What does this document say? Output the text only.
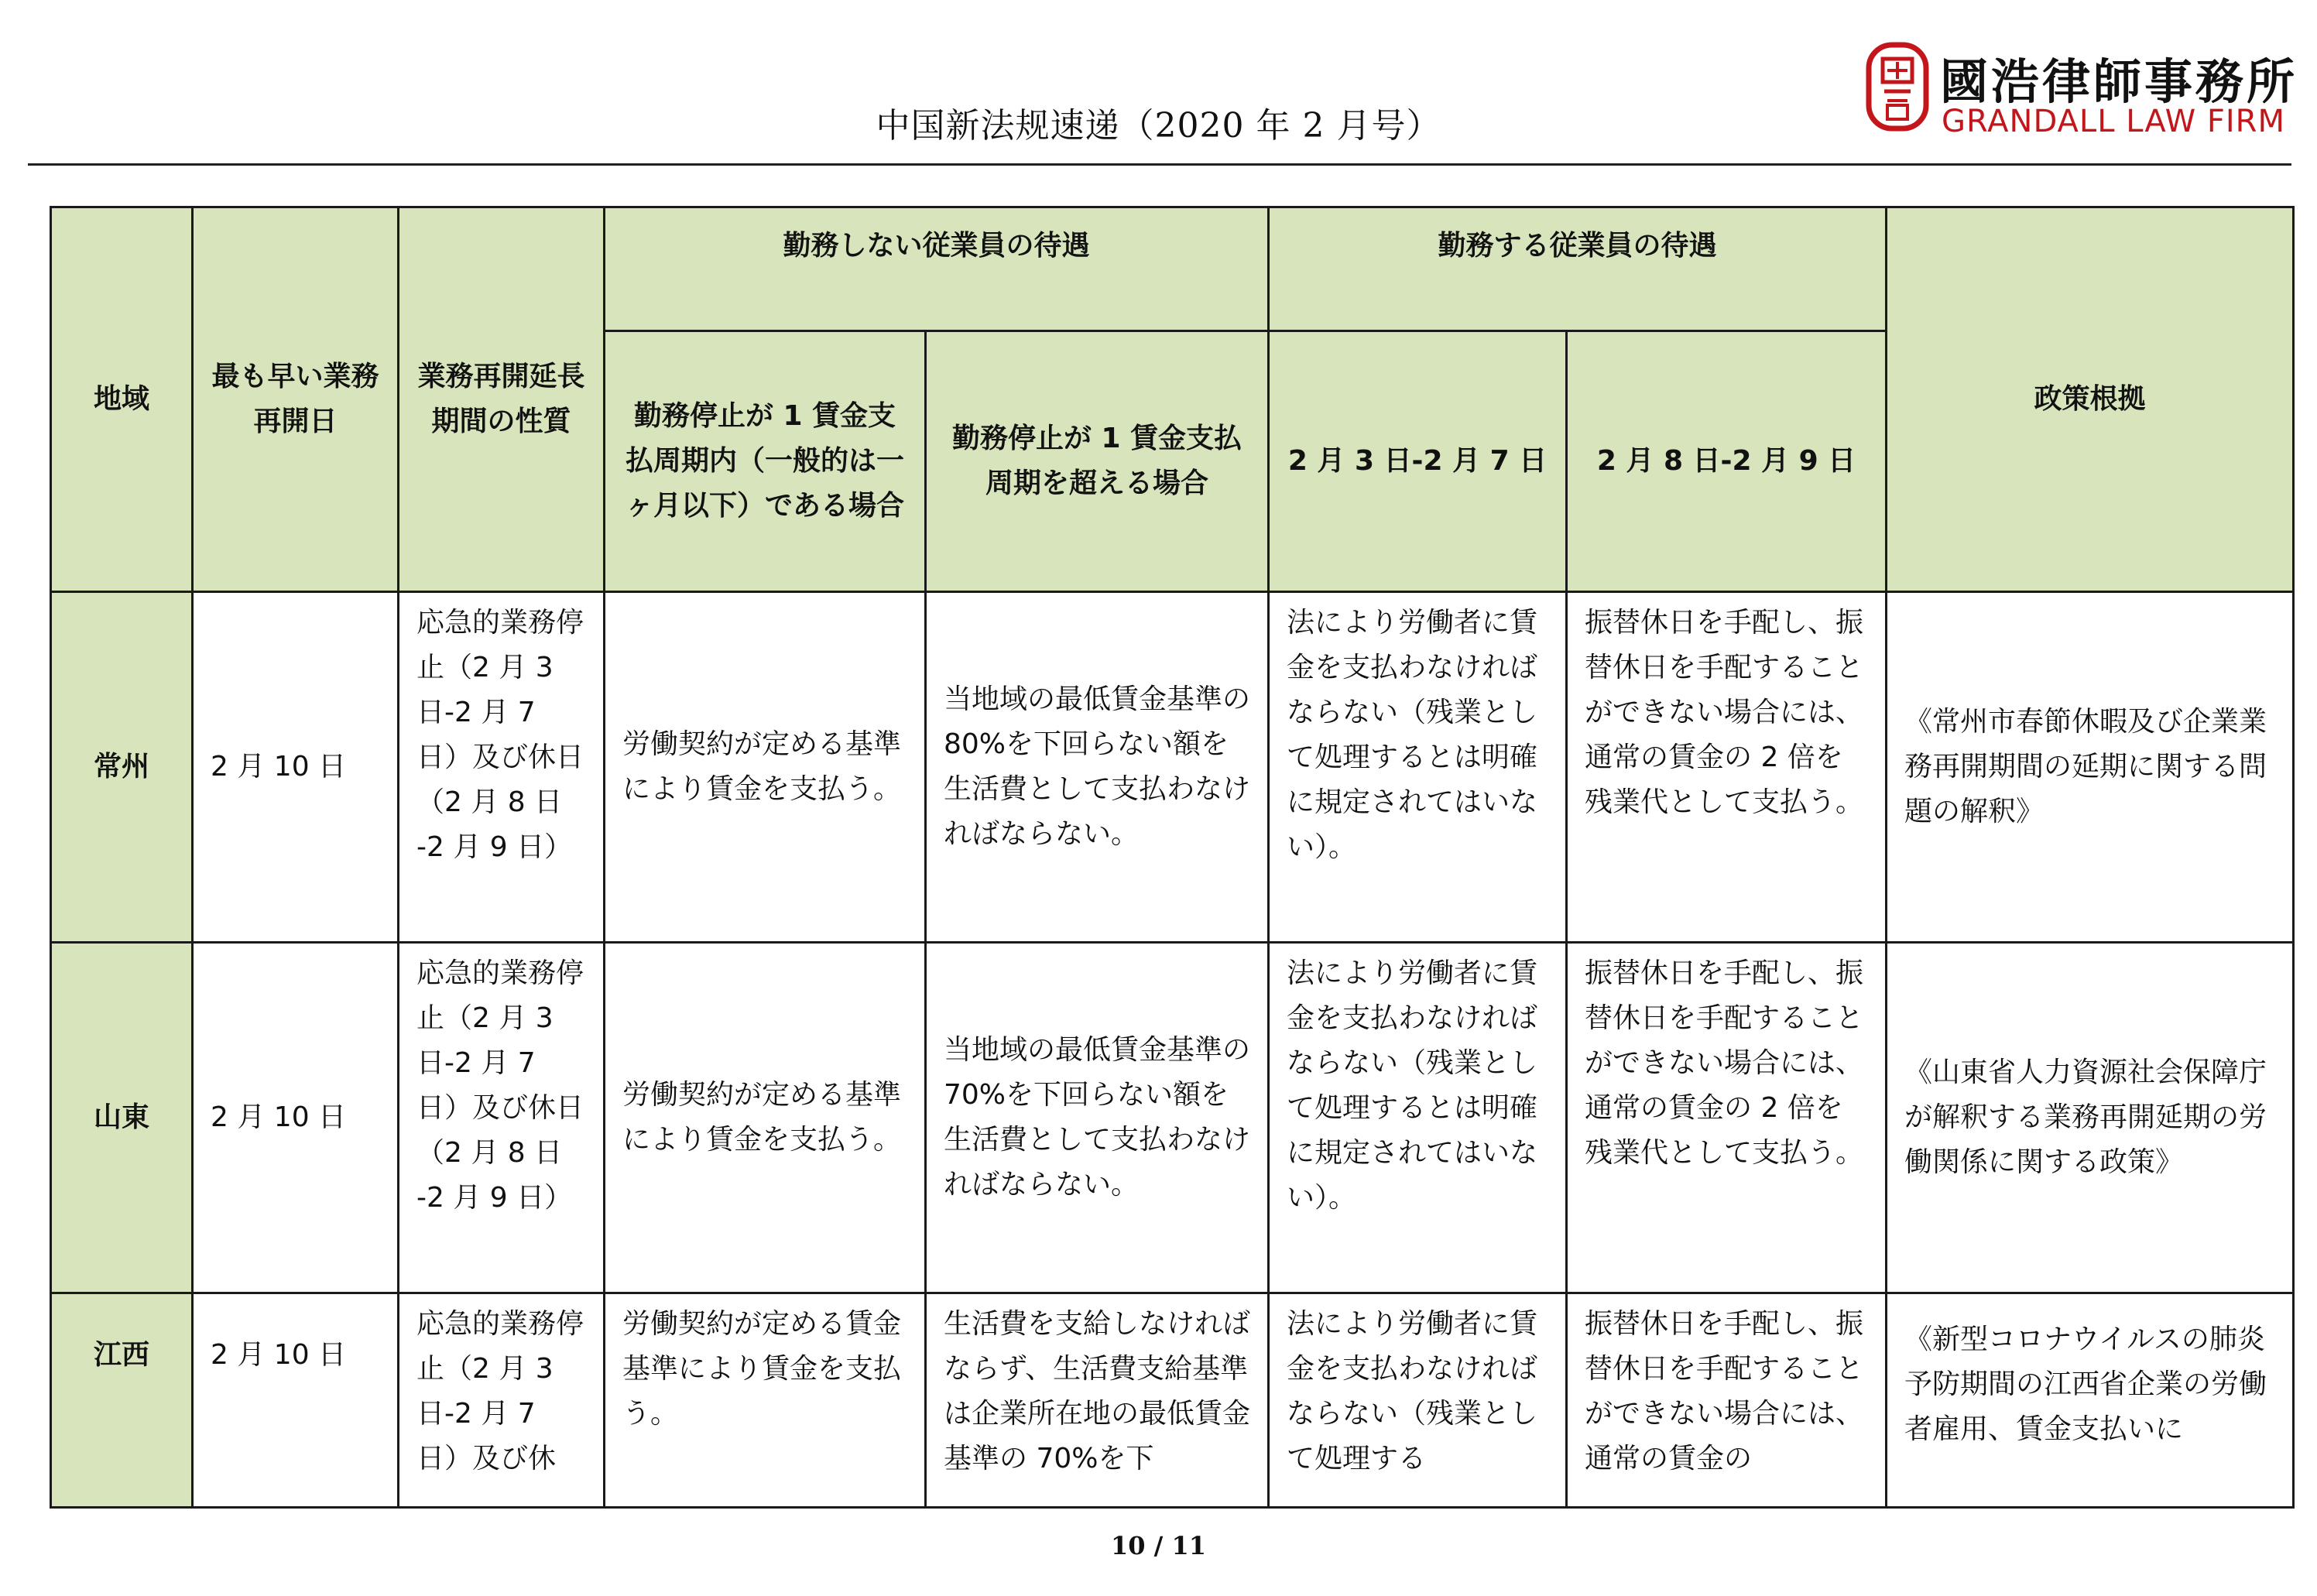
中国新法规速递（2020 年 2 月号）
國浩律師事務所
GRANDALL LAW FIRM
地域	最も早い業務再開日	業務再開延長期間の性質	勤務しない従業員の待遇		勤務する従業員の待遇		政策根拠
			勤務停止が 1 賃金支払周期内（一般的は一ヶ月以下）である場合	勤務停止が 1 賃金支払周期を超える場合	2 月 3 日-2 月 7 日	2 月 8 日-2 月 9 日	
常州	2 月 10 日	応急的業務停止（2 月 3 日-2 月 7 日）及び休日（2 月 8 日 -2 月 9 日）	労働契約が定める基準により賃金を支払う。	当地域の最低賃金基準の 80%を下回らない額を生活費として支払わなければならない。	法により労働者に賃金を支払わなければならない（残業として処理するとは明確に規定されてはいない）。	振替休日を手配し、振替休日を手配することができない場合には、通常の賃金の 2 倍を残業代として支払う。	《常州市春節休暇及び企業業務再開期間の延期に関する問題の解釈》
山東	2 月 10 日	応急的業務停止（2 月 3 日-2 月 7 日）及び休日（2 月 8 日 -2 月 9 日）	労働契約が定める基準により賃金を支払う。	当地域の最低賃金基準の 70%を下回らない額を生活費として支払わなければならない。	法により労働者に賃金を支払わなければならない（残業として処理するとは明確に規定されてはいない）。	振替休日を手配し、振替休日を手配することができない場合には、通常の賃金の 2 倍を残業代として支払う。	《山東省人力資源社会保障庁が解釈する業務再開延期の労働関係に関する政策》
江西	2 月 10 日	応急的業務停止（2 月 3 日-2 月 7 日）及び休	労働契約が定める賃金基準により賃金を支払う。	生活費を支給しなければならず、生活費支給基準は企業所在地の最低賃金基準の 70%を下	法により労働者に賃金を支払わなければならない（残業として処理する	振替休日を手配し、振替休日を手配することができない場合には、通常の賃金の	《新型コロナウイルスの肺炎予防期間の江西省企業の労働者雇用、賃金支払いに
10 / 11
